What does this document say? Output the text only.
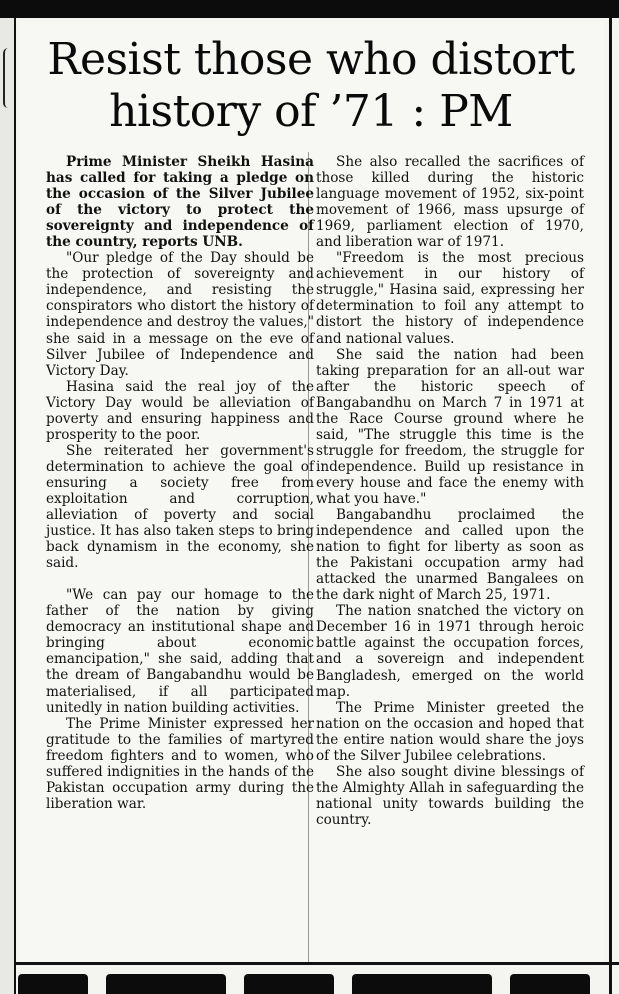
Resist those who distort history of ’71 : PM

Prime Minister Sheikh Hasina has called for taking a pledge on the occasion of the Silver Jubilee of the victory to protect the sovereignty and independence of the country, reports UNB.

"Our pledge of the Day should be the protection of sovereignty and independence, and resisting the conspirators who distort the history of independence and destroy the values," she said in a message on the eve of Silver Jubilee of Independence and Victory Day.

Hasina said the real joy of the Victory Day would be alleviation of poverty and ensuring happiness and prosperity to the poor.

She reiterated her government's determination to achieve the goal of ensuring a society free from exploitation and corruption, alleviation of poverty and social justice. It has also taken steps to bring back dynamism in the economy, she said.

"We can pay our homage to the father of the nation by giving democracy an institutional shape and bringing about economic emancipation," she said, adding that the dream of Bangabandhu would be materialised, if all participated unitedly in nation building activities.

The Prime Minister expressed her gratitude to the families of martyred freedom fighters and to women, who suffered indignities in the hands of the Pakistan occupation army during the liberation war.

She also recalled the sacrifices of those killed during the historic language movement of 1952, six-point movement of 1966, mass upsurge of 1969, parliament election of 1970, and liberation war of 1971.

"Freedom is the most precious achievement in our history of struggle," Hasina said, expressing her determination to foil any attempt to distort the history of independence and national values.

She said the nation had been taking preparation for an all-out war after the historic speech of Bangabandhu on March 7 in 1971 at the Race Course ground where he said, "The struggle this time is the struggle for freedom, the struggle for independence. Build up resistance in every house and face the enemy with what you have."

Bangabandhu proclaimed the independence and called upon the nation to fight for liberty as soon as the Pakistani occupation army had attacked the unarmed Bangalees on the dark night of March 25, 1971.

The nation snatched the victory on December 16 in 1971 through heroic battle against the occupation forces, and a sovereign and independent Bangladesh, emerged on the world map.

The Prime Minister greeted the nation on the occasion and hoped that the entire nation would share the joys of the Silver Jubilee celebrations.

She also sought divine blessings of the Almighty Allah in safeguarding the national unity towards building the country.
